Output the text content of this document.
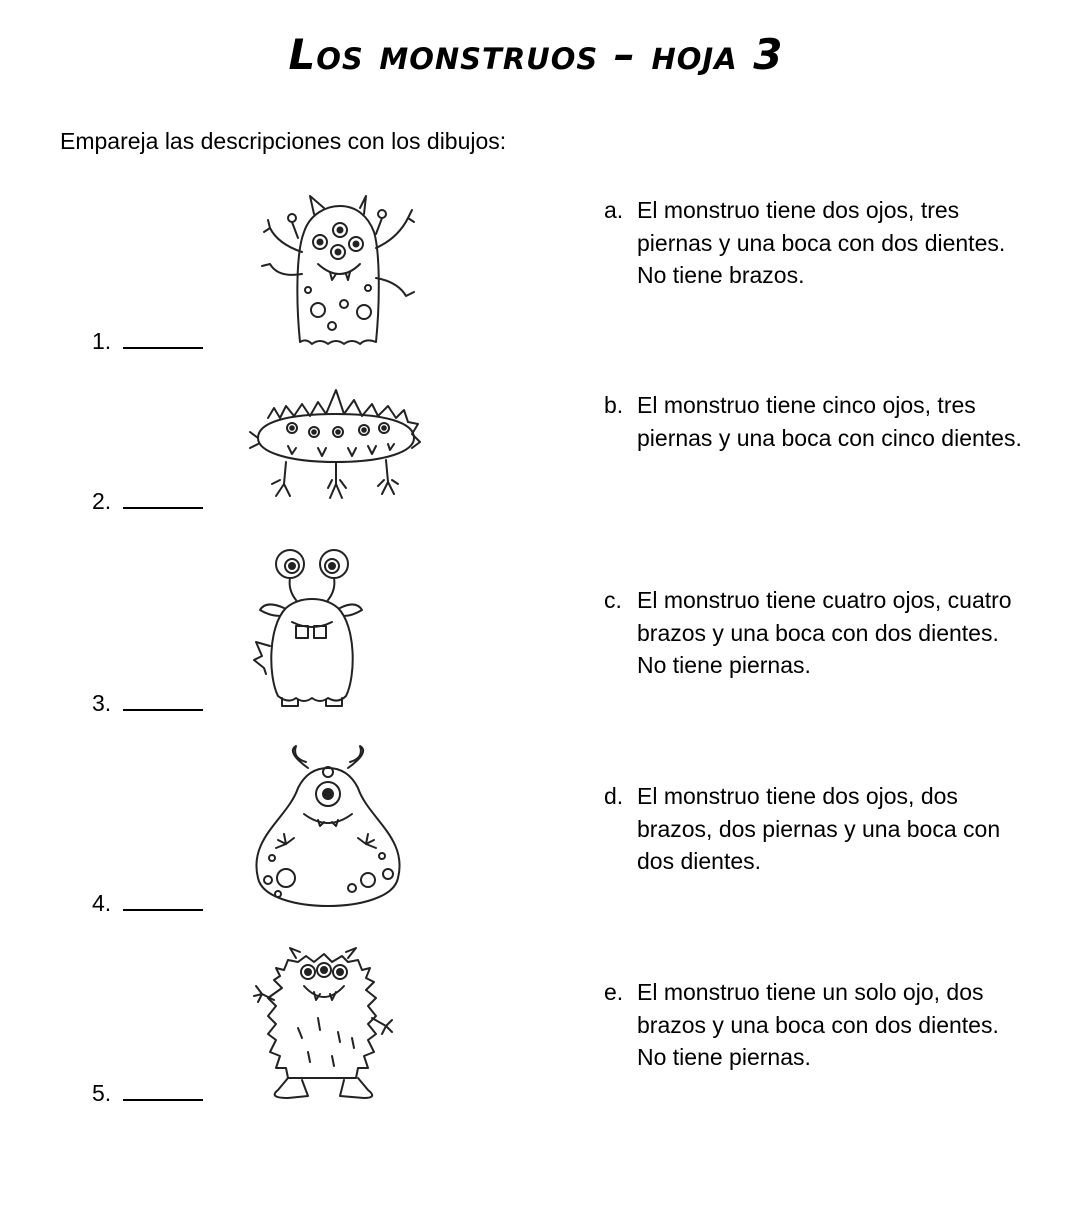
Los monstruos – hoja 3
Empareja las descripciones con los dibujos:
1.
2.
3.
4.
5.
a. El monstruo tiene dos ojos, tres piernas y una boca con dos dientes. No tiene brazos.
b. El monstruo tiene cinco ojos, tres piernas y una boca con cinco dientes.
c. El monstruo tiene cuatro ojos, cuatro brazos y una boca con dos dientes. No tiene piernas.
d. El monstruo tiene dos ojos, dos brazos, dos piernas y una boca con dos dientes.
e. El monstruo tiene un solo ojo, dos brazos y una boca con dos dientes. No tiene piernas.
